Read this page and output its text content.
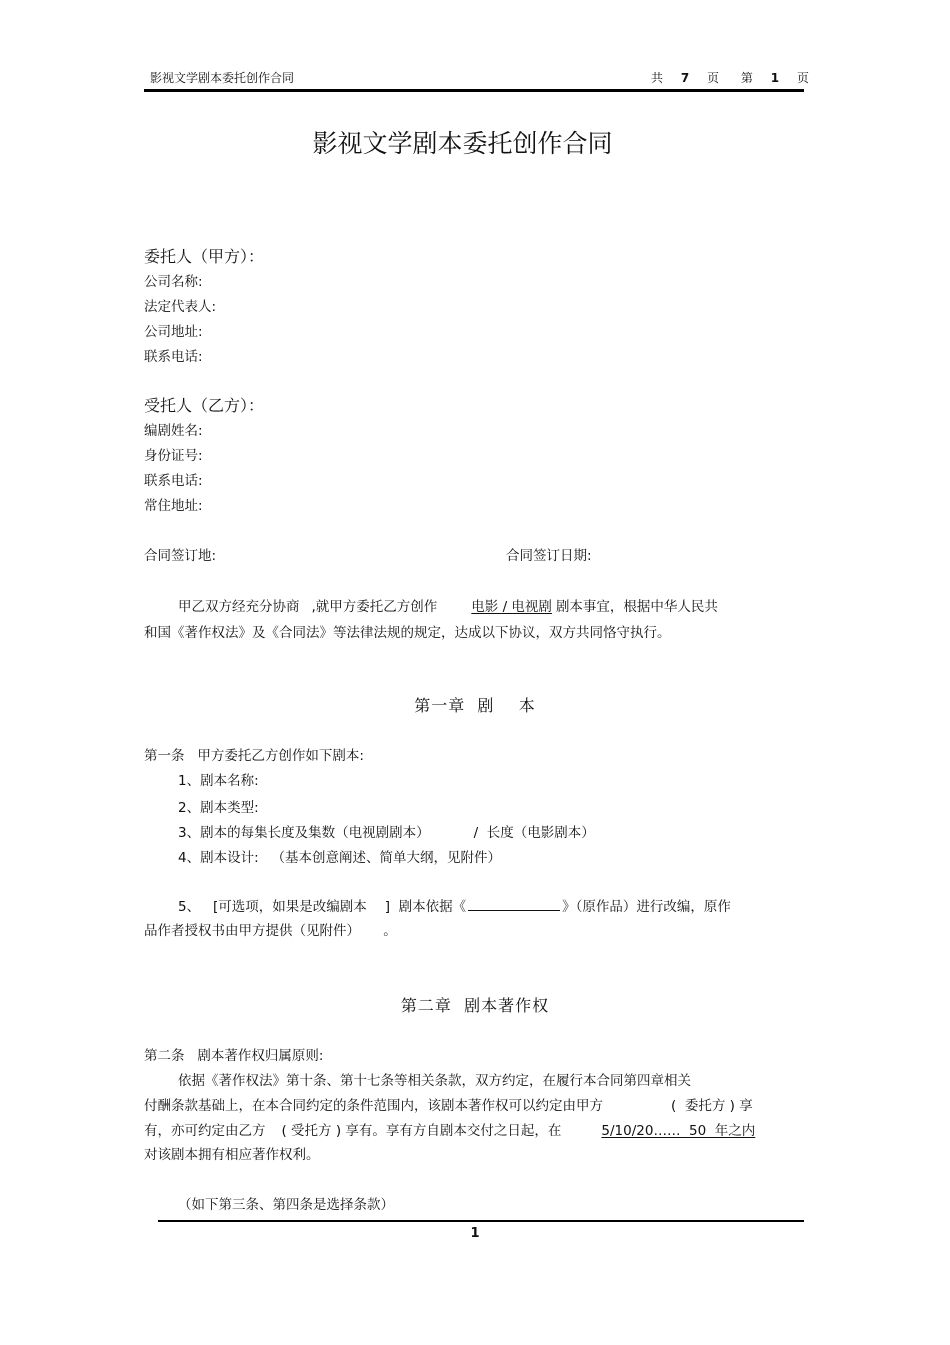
影视文学剧本委托创作合同	共 7 页 第 1 页
影视文学剧本委托创作合同
委托人（甲方）：
公司名称:
法定代表人:
公司地址:
联系电话:
受托人（乙方）：
编剧姓名:
身份证号:
联系电话:
常住地址:
合同签订地:	合同签订日期:
甲乙双方经充分协商 ,就甲方委托乙方创作	电影 / 电视剧 剧本事宜，根据中华人民共
和国《著作权法》及《合同法》等法律法规的规定，达成以下协议，双方共同恪守执行。
第一章  剧    本
第一条   甲方委托乙方创作如下剧本:
1、剧本名称:
2、剧本类型:
3、剧本的每集长度及集数（电视剧剧本）	/  长度（电影剧本）
4、剧本设计:   （基本创意阐述、简单大纲，见附件）
5、   [可选项，如果是改编剧本 ]  剧本依据《	》（原作品）进行改编，原作
品作者授权书由甲方提供（见附件） 。
第二章  剧本著作权
第二条   剧本著作权归属原则:
依据《著作权法》第十条、第十七条等相关条款，双方约定，在履行本合同第四章相关
付酬条款基础上，在本合同约定的条件范围内，该剧本著作权可以约定由甲方	(  委托方 ) 享
有，亦可约定由乙方 ( 受托方 ) 享有。享有方自剧本交付之日起，在	5/10/20……  50  年之内
对该剧本拥有相应著作权利。
（如下第三条、第四条是选择条款）
1
